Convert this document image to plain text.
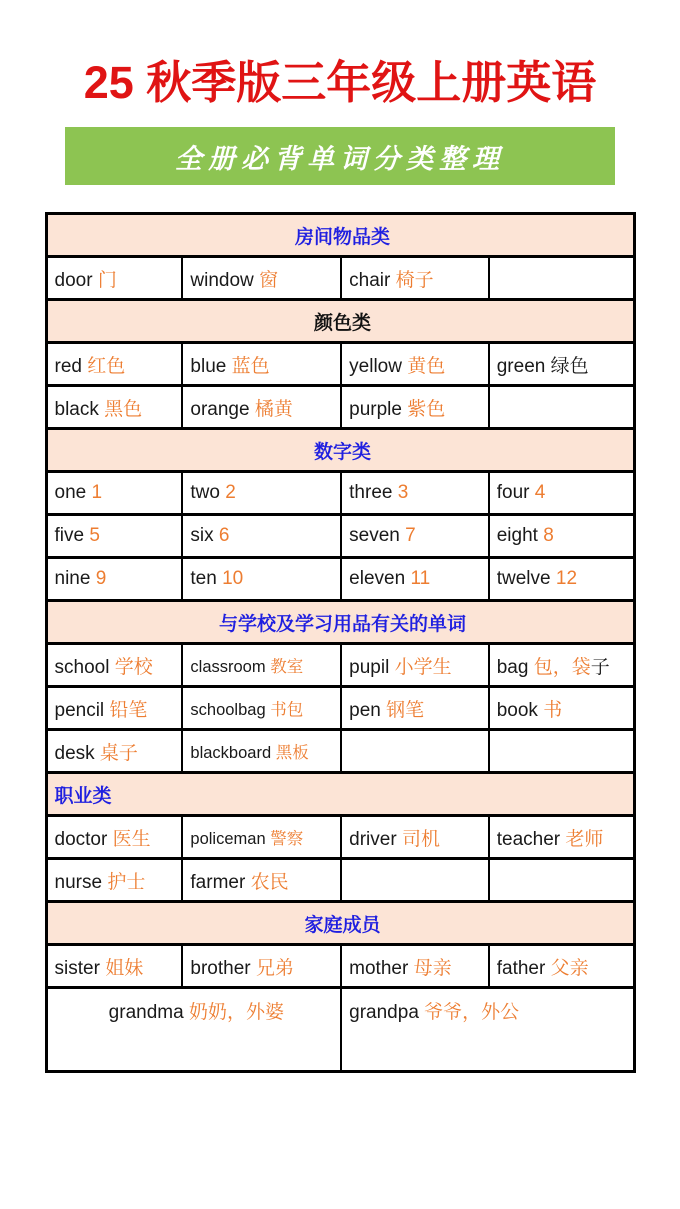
25 秋季版三年级上册英语
全册必背单词分类整理
房间物品类			
door 门	window 窗	chair 椅子	
颜色类			
red 红色	blue 蓝色	yellow 黄色	green 绿色
black 黑色	orange 橘黄	purple 紫色	
数字类			
one 1	two 2	three 3	four 4
five 5	six 6	seven 7	eight 8
nine 9	ten 10	eleven 11	twelve 12
与学校及学习用品有关的单词			
school 学校	classroom 教室	pupil 小学生	bag 包，袋子
pencil 铅笔	schoolbag 书包	pen 钢笔	book 书
desk 桌子	blackboard 黑板		
职业类			
doctor 医生	policeman 警察	driver 司机	teacher 老师
nurse 护士	farmer 农民		
家庭成员			
sister 姐妹	brother 兄弟	mother 母亲	father 父亲
grandma 奶奶，外婆		grandpa 爷爷，外公	
